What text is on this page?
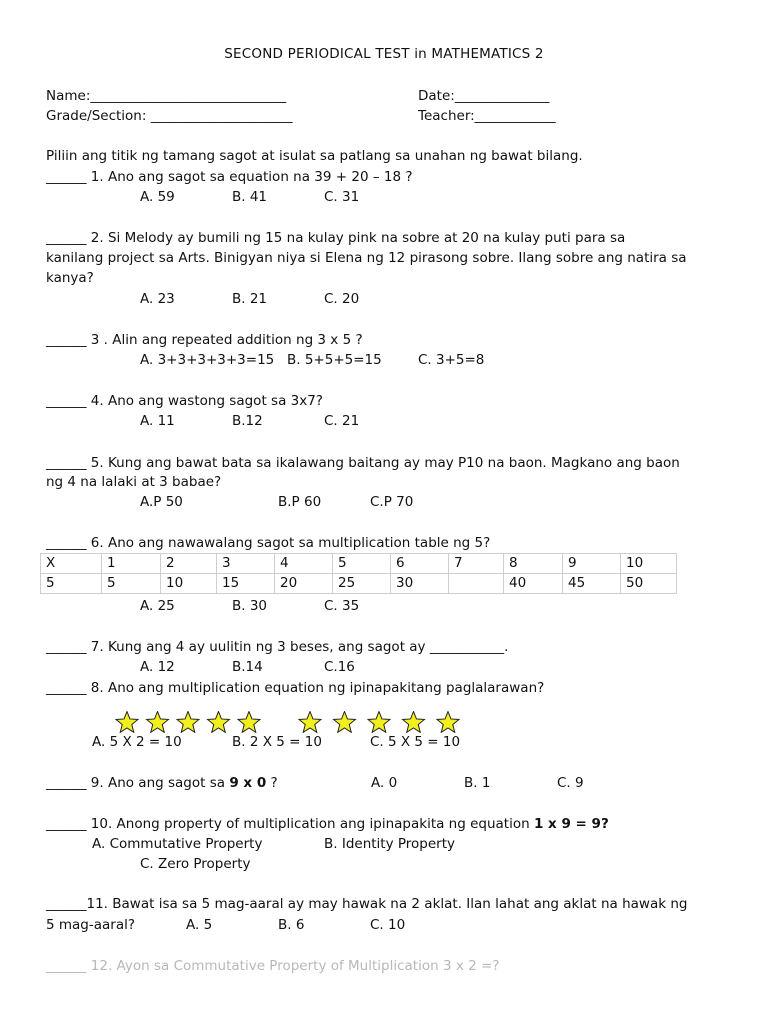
SECOND PERIODICAL TEST in MATHEMATICS 2
Name:_____________________________	Date:______________
Grade/Section: _____________________	Teacher:____________
Piliin ang titik ng tamang sagot at isulat sa patlang sa unahan ng bawat bilang.
______ 1. Ano ang sagot sa equation na 39 + 20 – 18 ?
A. 59	B. 41	C. 31
______ 2. Si Melody ay bumili ng 15 na kulay pink na sobre at 20 na kulay puti para sa
kanilang project sa Arts. Binigyan niya si Elena ng 12 pirasong sobre. Ilang sobre ang natira sa
kanya?
A. 23	B. 21	C. 20
______ 3 . Alin ang repeated addition ng 3 x 5 ?
A. 3+3+3+3+3=15 B. 5+5+5=15	C. 3+5=8
______ 4. Ano ang wastong sagot sa 3x7?
A. 11	B.12	C. 21
______ 5. Kung ang bawat bata sa ikalawang baitang ay may P10 na baon. Magkano ang baon
ng 4 na lalaki at 3 babae?
A.P 50	B.P 60	C.P 70
______ 6. Ano ang nawawalang sagot sa multiplication table ng 5?
X	1	2	3	4	5	6	7	8	9	10
5	5	10	15	20	25	30		40	45	50
A. 25	B. 30	C. 35
______ 7. Kung ang 4 ay uulitin ng 3 beses, ang sagot ay ___________.
A. 12	B.14	C.16
______ 8. Ano ang multiplication equation ng ipinapakitang paglalarawan?
A. 5 X 2 = 10	B. 2 X 5 = 10	C. 5 X 5 = 10
______ 9. Ano ang sagot sa 9 x 0 ?	A. 0	B. 1	C. 9
______ 10. Anong property of multiplication ang ipinapakita ng equation 1 x 9 = 9?
A. Commutative Property	B. Identity Property
C. Zero Property
______11. Bawat isa sa 5 mag-aaral ay may hawak na 2 aklat. Ilan lahat ang aklat na hawak ng
5 mag-aaral?	A. 5	B. 6	C. 10
______ 12. Ayon sa Commutative Property of Multiplication 3 x 2 =?
